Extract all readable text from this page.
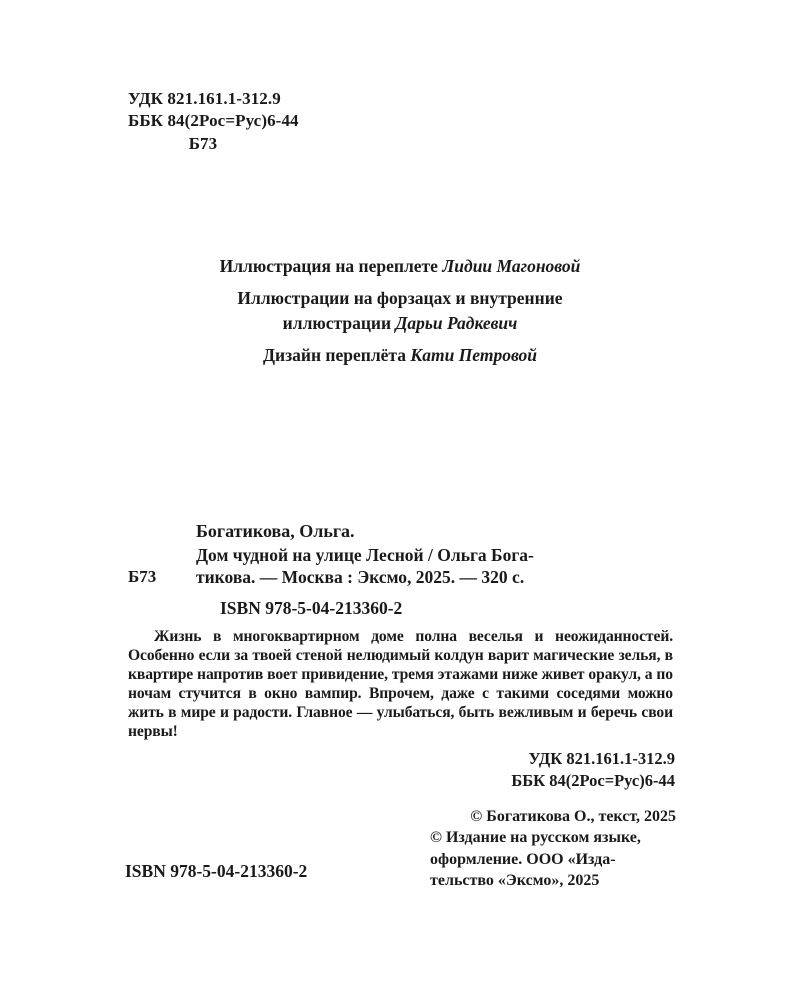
УДК 821.161.1-312.9
ББК 84(2Рос=Рус)6-44
Б73
Иллюстрация на переплете Лидии Магоновой
Иллюстрации на форзацах и внутренние
иллюстрации Дарьи Радкевич
Дизайн переплёта Кати Петровой
Богатикова, Ольга.
Б73
Дом чудной на улице Лесной / Ольга Бога-
тикова. — Москва : Эксмо, 2025. — 320 с.
ISBN 978-5-04-213360-2
Жизнь в многоквартирном доме полна веселья и неожиданностей. Особенно если за твоей стеной нелюдимый колдун варит магические зелья, в квартире напротив воет привидение, тремя этажами ниже живет оракул, а по ночам стучится в окно вампир. Впрочем, даже с такими соседями можно жить в мире и радости. Главное — улыбаться, быть вежливым и беречь свои нервы!
УДК 821.161.1-312.9
ББК 84(2Рос=Рус)6-44
© Богатикова О., текст, 2025
© Издание на русском языке,
оформление. ООО «Изда-
тельство «Эксмо», 2025
ISBN 978-5-04-213360-2
